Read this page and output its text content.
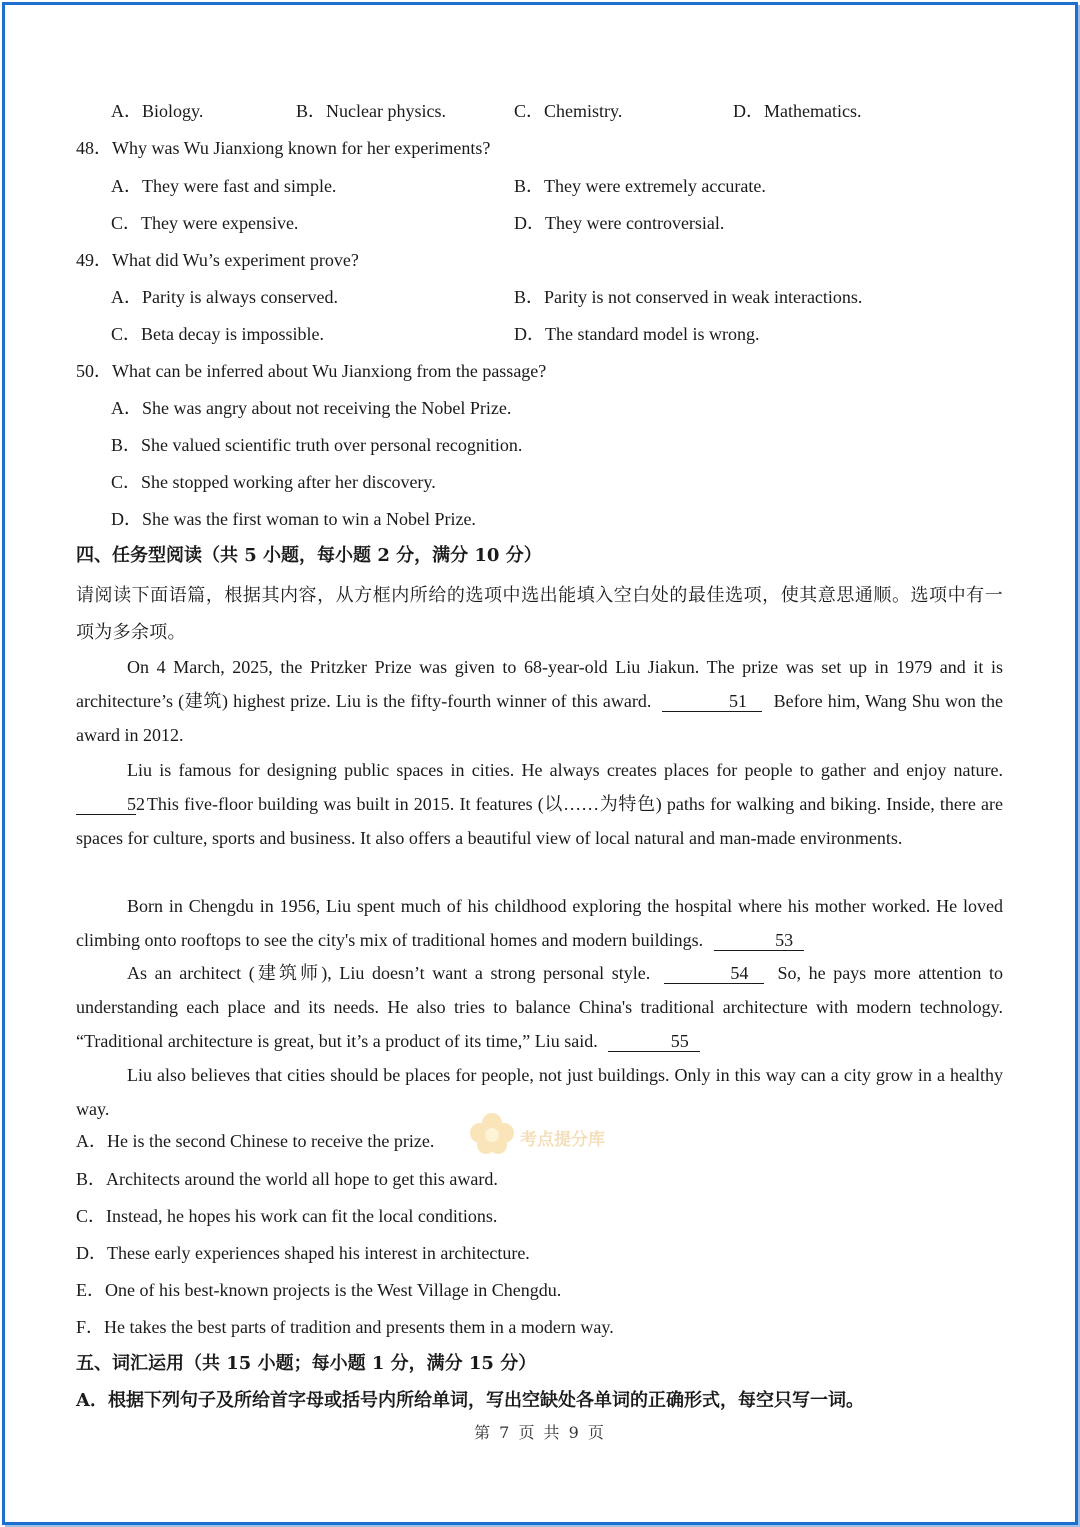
A．Biology.	B．Nuclear physics.	C．Chemistry.	D．Mathematics.
48．Why was Wu Jianxiong known for her experiments?
A．They were fast and simple.	B．They were extremely accurate.
C．They were expensive.	D．They were controversial.
49．What did Wu’s experiment prove?
A．Parity is always conserved.	B．Parity is not conserved in weak interactions.
C．Beta decay is impossible.	D．The standard model is wrong.
50．What can be inferred about Wu Jianxiong from the passage?
A．She was angry about not receiving the Nobel Prize.
B．She valued scientific truth over personal recognition.
C．She stopped working after her discovery.
D．She was the first woman to win a Nobel Prize.
四、任务型阅读（共 5 小题，每小题 2 分，满分 10 分）
请阅读下面语篇，根据其内容，从方框内所给的选项中选出能填入空白处的最佳选项，使其意思通顺。选项中有一项为多余项。
On 4 March, 2025, the Pritzker Prize was given to 68-year-old Liu Jiakun. The prize was set up in 1979 and it is architecture’s (建筑) highest prize. Liu is the fifty-fourth winner of this award.	51 Before him, Wang Shu won the award in 2012.
Liu is famous for designing public spaces in cities. He always creates places for people to gather and enjoy nature. 52 This five-floor building was built in 2015. It features (以……为特色) paths for walking and biking. Inside, there are spaces for culture, sports and business. It also offers a beautiful view of local natural and man-made environments.
Born in Chengdu in 1956, Liu spent much of his childhood exploring the hospital where his mother worked. He loved climbing onto rooftops to see the city's mix of traditional homes and modern buildings.	53
As an architect (建筑师), Liu doesn’t want a strong personal style.	54 So, he pays more attention to understanding each place and its needs. He also tries to balance China's traditional architecture with modern technology. “Traditional architecture is great, but it’s a product of its time,” Liu said.	55
Liu also believes that cities should be places for people, not just buildings. Only in this way can a city grow in a healthy way.
考点提分库
A．He is the second Chinese to receive the prize.
B．Architects around the world all hope to get this award.
C．Instead, he hopes his work can fit the local conditions.
D．These early experiences shaped his interest in architecture.
E．One of his best-known projects is the West Village in Chengdu.
F．He takes the best parts of tradition and presents them in a modern way.
五、词汇运用（共 15 小题；每小题 1 分，满分 15 分）
A．根据下列句子及所给首字母或括号内所给单词，写出空缺处各单词的正确形式，每空只写一词。
第 7 页 共 9 页
